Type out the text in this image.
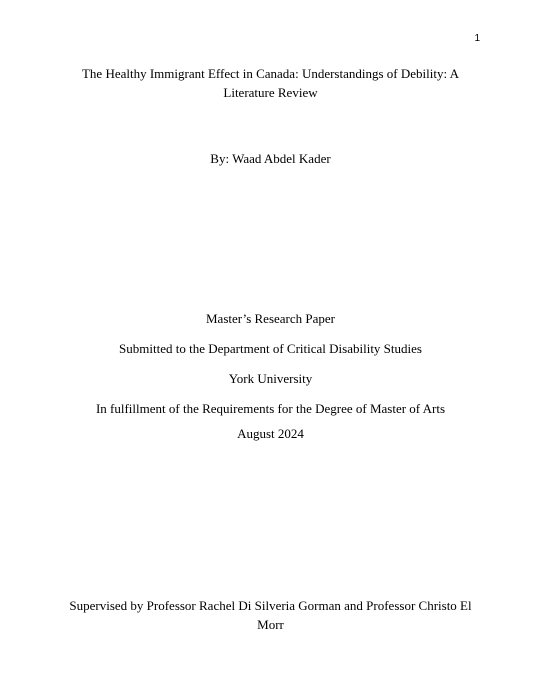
1
The Healthy Immigrant Effect in Canada: Understandings of Debility: A
Literature Review
By: Waad Abdel Kader
Master’s Research Paper
Submitted to the Department of Critical Disability Studies
York University
In fulfillment of the Requirements for the Degree of Master of Arts
August 2024
Supervised by Professor Rachel Di Silveria Gorman and Professor Christo El
Morr
